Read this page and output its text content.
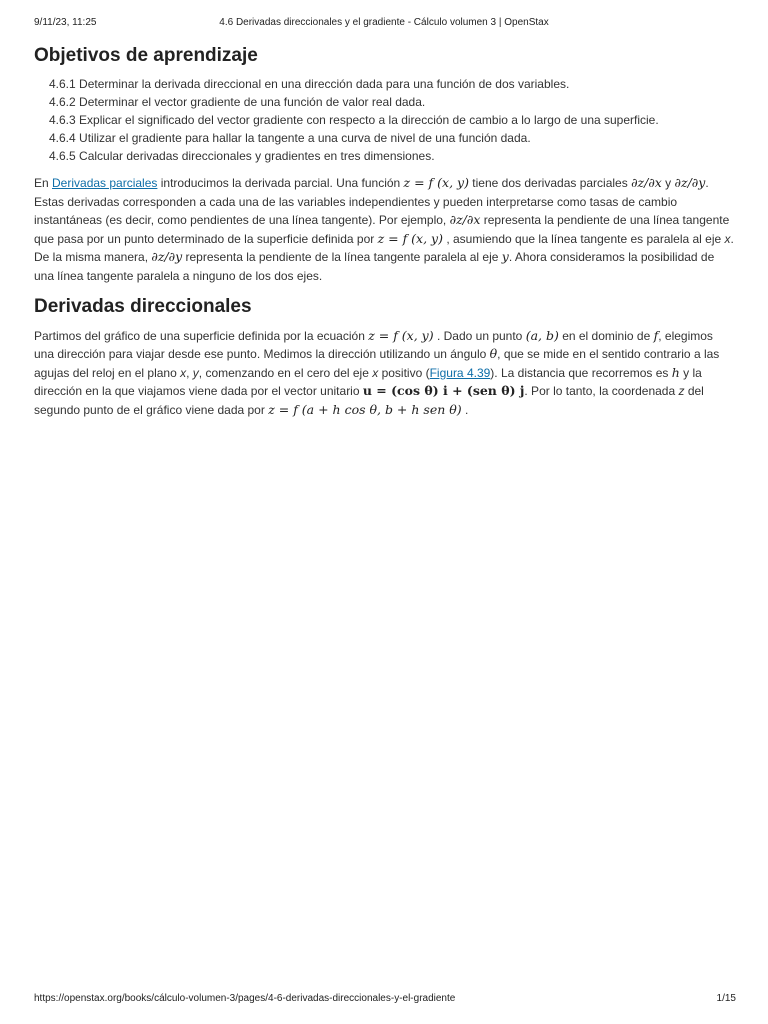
9/11/23, 11:25	4.6 Derivadas direccionales y el gradiente - Cálculo volumen 3 | OpenStax
Objetivos de aprendizaje
4.6.1 Determinar la derivada direccional en una dirección dada para una función de dos variables.
4.6.2 Determinar el vector gradiente de una función de valor real dada.
4.6.3 Explicar el significado del vector gradiente con respecto a la dirección de cambio a lo largo de una superficie.
4.6.4 Utilizar el gradiente para hallar la tangente a una curva de nivel de una función dada.
4.6.5 Calcular derivadas direccionales y gradientes en tres dimensiones.

En Derivadas parciales introducimos la derivada parcial. Una función z = f (x, y) tiene dos derivadas parciales ∂z/∂x y ∂z/∂y. Estas derivadas corresponden a cada una de las variables independientes y pueden interpretarse como tasas de cambio instantáneas (es decir, como pendientes de una línea tangente). Por ejemplo, ∂z/∂x representa la pendiente de una línea tangente que pasa por un punto determinado de la superficie definida por z = f (x, y) , asumiendo que la línea tangente es paralela al eje x. De la misma manera, ∂z/∂y representa la pendiente de la línea tangente paralela al eje y. Ahora consideramos la posibilidad de una línea tangente paralela a ninguno de los dos ejes.

Derivadas direccionales

Partimos del gráfico de una superficie definida por la ecuación z = f (x, y) . Dado un punto (a, b) en el dominio de f, elegimos una dirección para viajar desde ese punto. Medimos la dirección utilizando un ángulo θ, que se mide en el sentido contrario a las agujas del reloj en el plano x, y, comenzando en el cero del eje x positivo (Figura 4.39). La distancia que recorremos es h y la dirección en la que viajamos viene dada por el vector unitario u = (cos θ) i + (sen θ) j. Por lo tanto, la coordenada z del segundo punto de el gráfico viene dada por z = f (a + h cos θ, b + h sen θ) .

https://openstax.org/books/cálculo-volumen-3/pages/4-6-derivadas-direccionales-y-el-gradiente	1/15
